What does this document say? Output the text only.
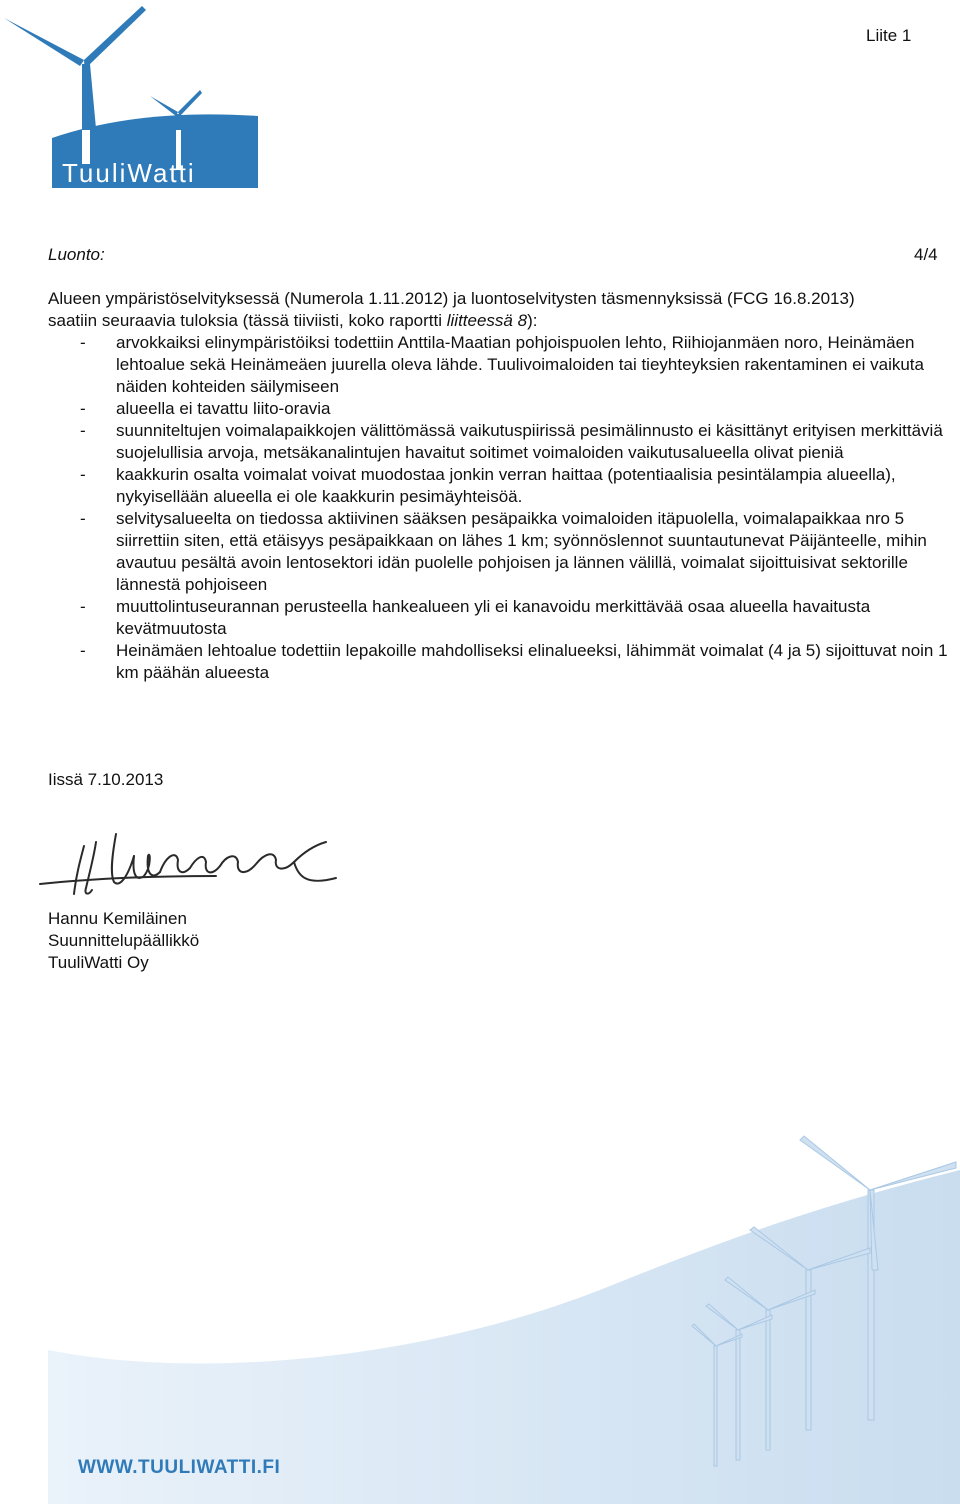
TuuliWatti
Liite 1
Luonto:	4/4
Alueen ympäristöselvityksessä (Numerola 1.11.2012) ja luontoselvitysten täsmennyksissä (FCG 16.8.2013)
saatiin seuraavia tuloksia (tässä tiiviisti, koko raportti liitteessä 8):
- arvokkaiksi elinympäristöiksi todettiin Anttila-Maatian pohjoispuolen lehto, Riihiojanmäen noro, Heinämäen lehtoalue sekä Heinämeäen juurella oleva lähde. Tuulivoimaloiden tai tieyhteyksien rakentaminen ei vaikuta näiden kohteiden säilymiseen
- alueella ei tavattu liito-oravia
- suunniteltujen voimalapaikkojen välittömässä vaikutuspiirissä pesimälinnusto ei käsittänyt erityisen merkittäviä suojelullisia arvoja, metsäkanalintujen havaitut soitimet voimaloiden vaikutusalueella olivat pieniä
- kaakkurin osalta voimalat voivat muodostaa jonkin verran haittaa (potentiaalisia pesintälampia alueella), nykyisellään alueella ei ole kaakkurin pesimäyhteisöä.
- selvitysalueelta on tiedossa aktiivinen sääksen pesäpaikka voimaloiden itäpuolella, voimalapaikkaa nro 5 siirrettiin siten, että etäisyys pesäpaikkaan on lähes 1 km; syönnöslennot suuntautunevat Päijänteelle, mihin avautuu pesältä avoin lentosektori idän puolelle pohjoisen ja lännen välillä, voimalat sijoittuisivat sektorille lännestä pohjoiseen
- muuttolintuseurannan perusteella hankealueen yli ei kanavoidu merkittävää osaa alueella havaitusta kevätmuutosta
- Heinämäen lehtoalue todettiin lepakoille mahdolliseksi elinalueeksi, lähimmät voimalat (4 ja 5) sijoittuvat noin 1 km päähän alueesta
Iissä 7.10.2013
Hannu Kemiläinen
Suunnittelupäällikkö
TuuliWatti Oy
WWW.TUULIWATTI.FI
